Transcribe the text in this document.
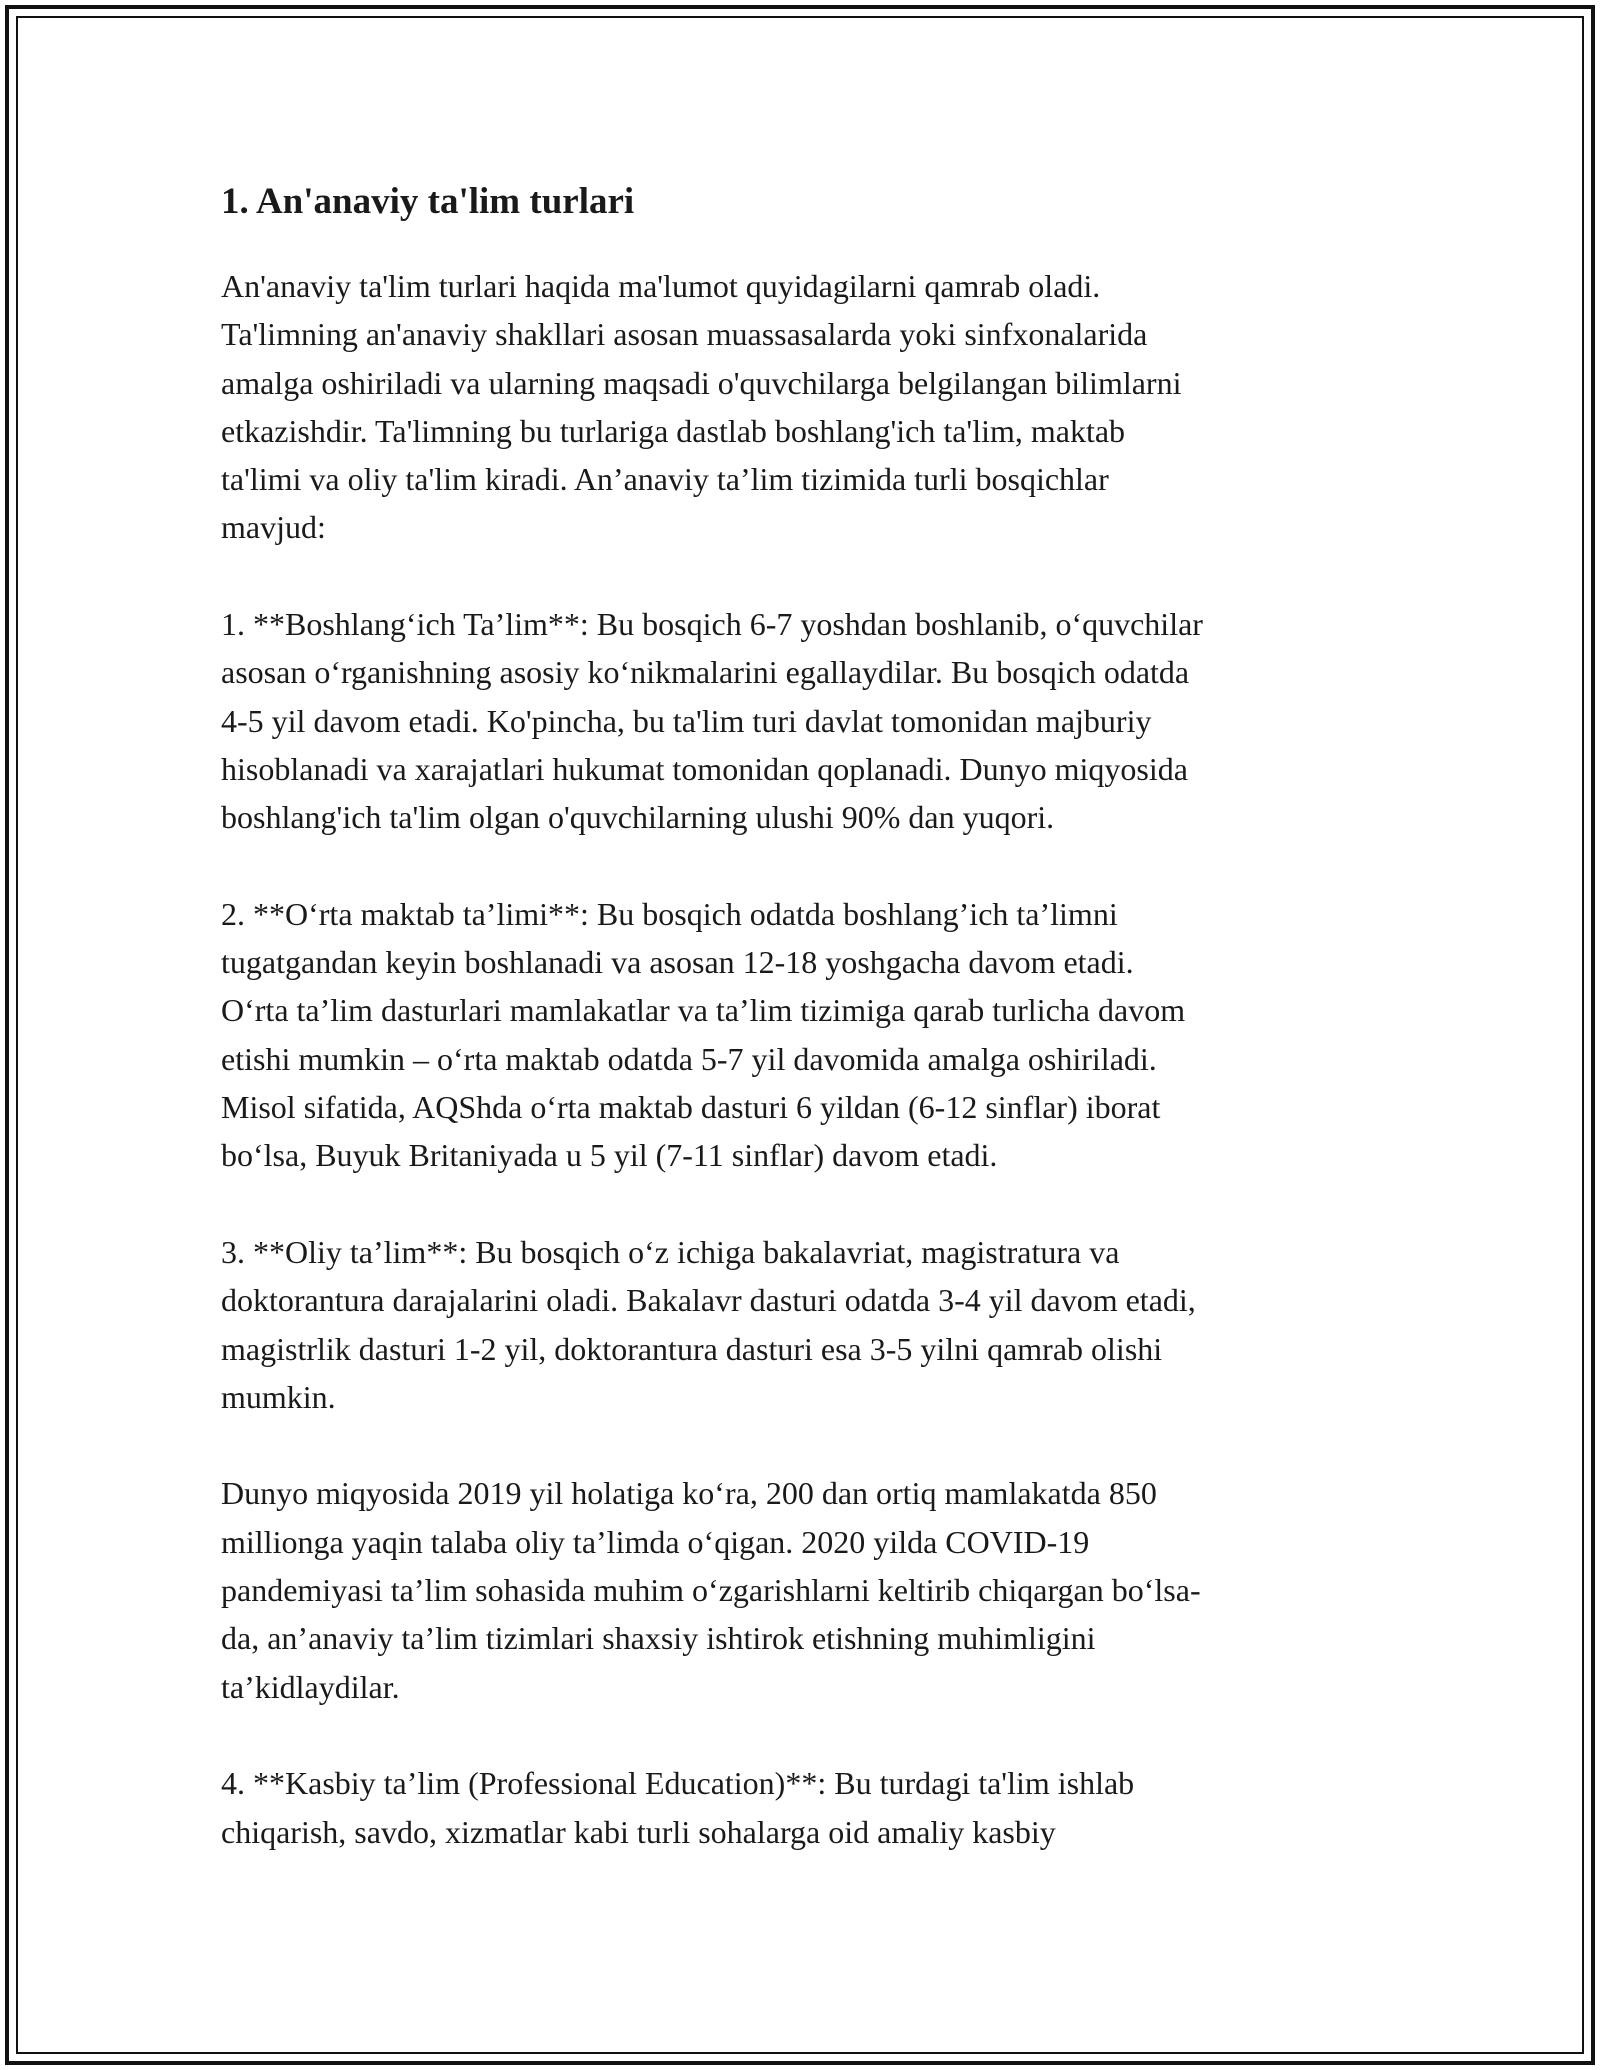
1. An'anaviy ta'lim turlari
An'anaviy ta'lim turlari haqida ma'lumot quyidagilarni qamrab oladi.
Ta'limning an'anaviy shakllari asosan muassasalarda yoki sinfxonalarida
amalga oshiriladi va ularning maqsadi o'quvchilarga belgilangan bilimlarni
etkazishdir. Ta'limning bu turlariga dastlab boshlang'ich ta'lim, maktab
ta'limi va oliy ta'lim kiradi. An’anaviy ta’lim tizimida turli bosqichlar
mavjud:
1. **Boshlang‘ich Ta’lim**: Bu bosqich 6-7 yoshdan boshlanib, o‘quvchilar
asosan o‘rganishning asosiy ko‘nikmalarini egallaydilar. Bu bosqich odatda
4-5 yil davom etadi. Ko'pincha, bu ta'lim turi davlat tomonidan majburiy
hisoblanadi va xarajatlari hukumat tomonidan qoplanadi. Dunyo miqyosida
boshlang'ich ta'lim olgan o'quvchilarning ulushi 90% dan yuqori.
2. **O‘rta maktab ta’limi**: Bu bosqich odatda boshlang’ich ta’limni
tugatgandan keyin boshlanadi va asosan 12-18 yoshgacha davom etadi.
O‘rta ta’lim dasturlari mamlakatlar va ta’lim tizimiga qarab turlicha davom
etishi mumkin – o‘rta maktab odatda 5-7 yil davomida amalga oshiriladi.
Misol sifatida, AQShda o‘rta maktab dasturi 6 yildan (6-12 sinflar) iborat
bo‘lsa, Buyuk Britaniyada u 5 yil (7-11 sinflar) davom etadi.
3. **Oliy ta’lim**: Bu bosqich o‘z ichiga bakalavriat, magistratura va
doktorantura darajalarini oladi. Bakalavr dasturi odatda 3-4 yil davom etadi,
magistrlik dasturi 1-2 yil, doktorantura dasturi esa 3-5 yilni qamrab olishi
mumkin.
Dunyo miqyosida 2019 yil holatiga ko‘ra, 200 dan ortiq mamlakatda 850
millionga yaqin talaba oliy ta’limda o‘qigan. 2020 yilda COVID-19
pandemiyasi ta’lim sohasida muhim o‘zgarishlarni keltirib chiqargan bo‘lsa-
da, an’anaviy ta’lim tizimlari shaxsiy ishtirok etishning muhimligini
ta’kidlaydilar.
4. **Kasbiy ta’lim (Professional Education)**: Bu turdagi ta'lim ishlab
chiqarish, savdo, xizmatlar kabi turli sohalarga oid amaliy kasbiy
